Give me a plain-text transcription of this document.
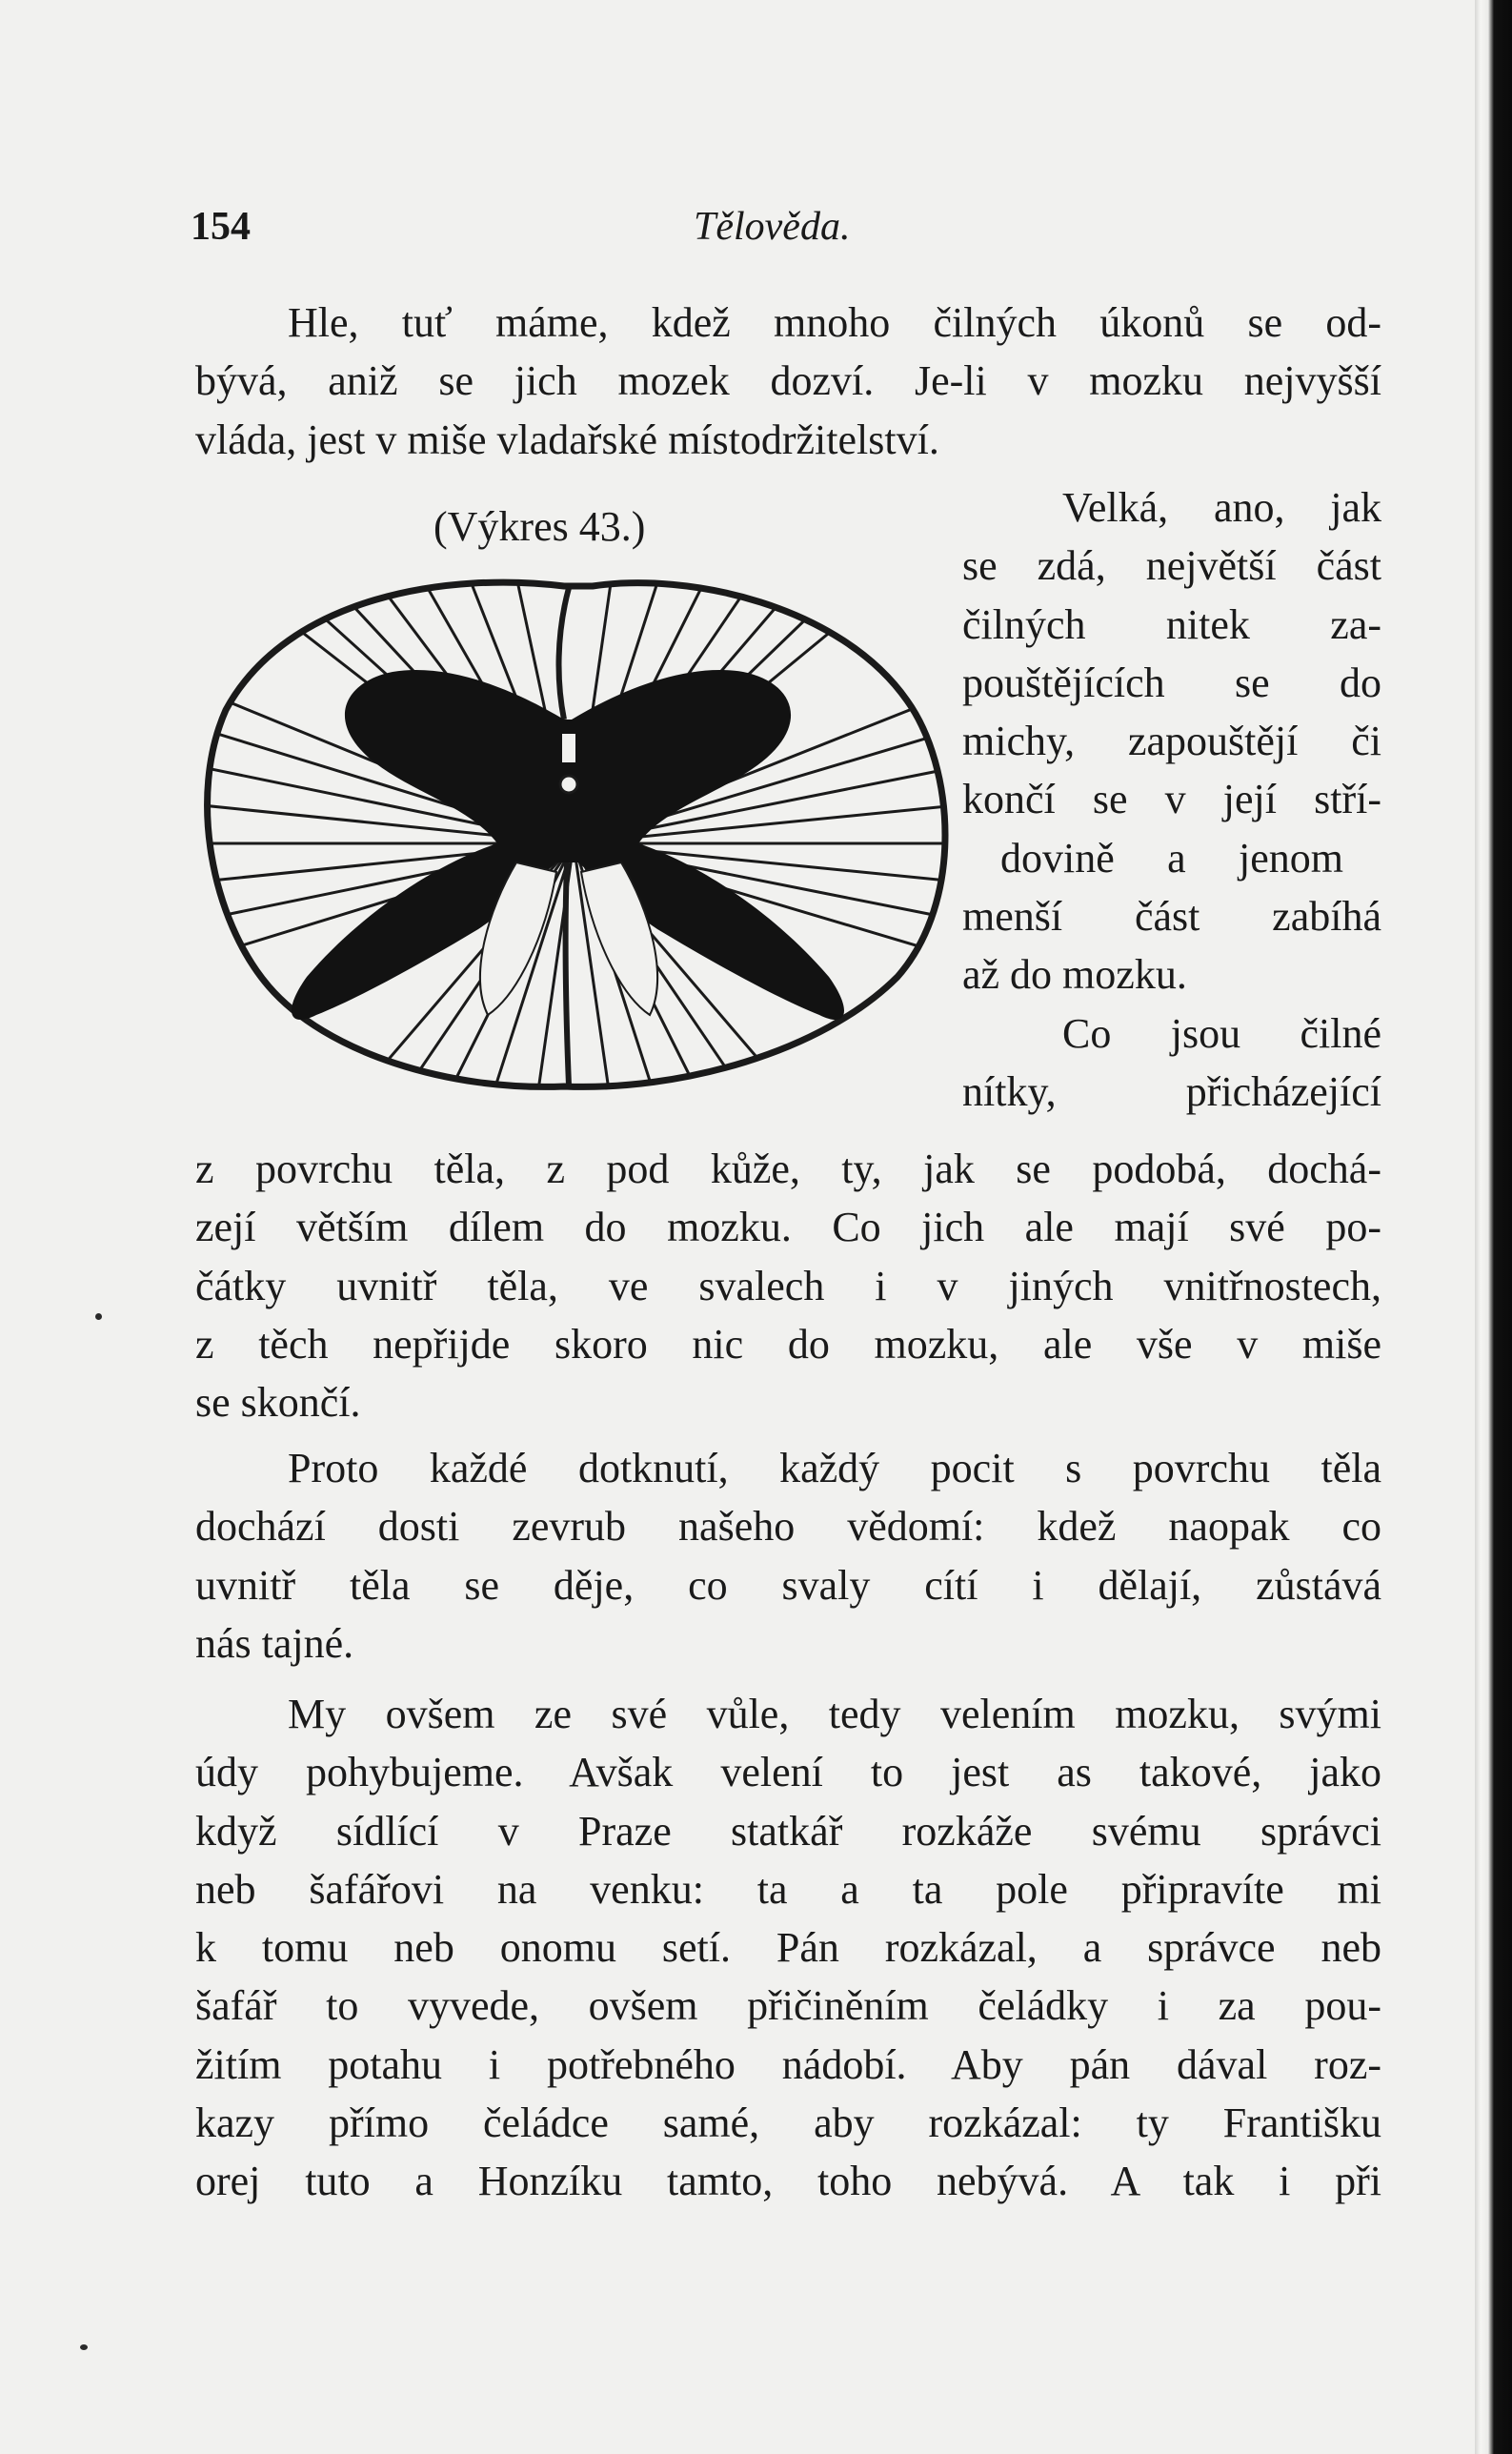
154	Tělověda.
Hle, tuť máme, kdež mnoho čilných úkonů se od-
bývá, aniž se jich mozek dozví. Je-li v mozku nejvyšší
vláda, jest v miše vladařské místodržitelství.
(Výkres 43.)	Velká, ano, jak
se zdá, největší část
čilných nitek za-
pouštějících se do
michy, zapouštějí či
končí se v její stří-
dovině a jenom
menší část zabíhá
až do mozku.
Co jsou čilné
nítky, přicházející
z povrchu těla, z pod kůže, ty, jak se podobá, dochá-
zejí větším dílem do mozku. Co jich ale mají své po-
čátky uvnitř těla, ve svalech i v jiných vnitřnostech,
z těch nepřijde skoro nic do mozku, ale vše v miše
se skončí.
Proto každé dotknutí, každý pocit s povrchu těla
dochází dosti zevrub našeho vědomí: kdež naopak co
uvnitř těla se děje, co svaly cítí i dělají, zůstává
nás tajné.
My ovšem ze své vůle, tedy velením mozku, svými
údy pohybujeme. Avšak velení to jest as takové, jako
když sídlící v Praze statkář rozkáže svému správci
neb šafářovi na venku: ta a ta pole připravíte mi
k tomu neb onomu setí. Pán rozkázal, a správce neb
šafář to vyvede, ovšem přičiněním čeládky i za pou-
žitím potahu i potřebného nádobí. Aby pán dával roz-
kazy přímo čeládce samé, aby rozkázal: ty Františku
orej tuto a Honzíku tamto, toho nebývá. A tak i při
